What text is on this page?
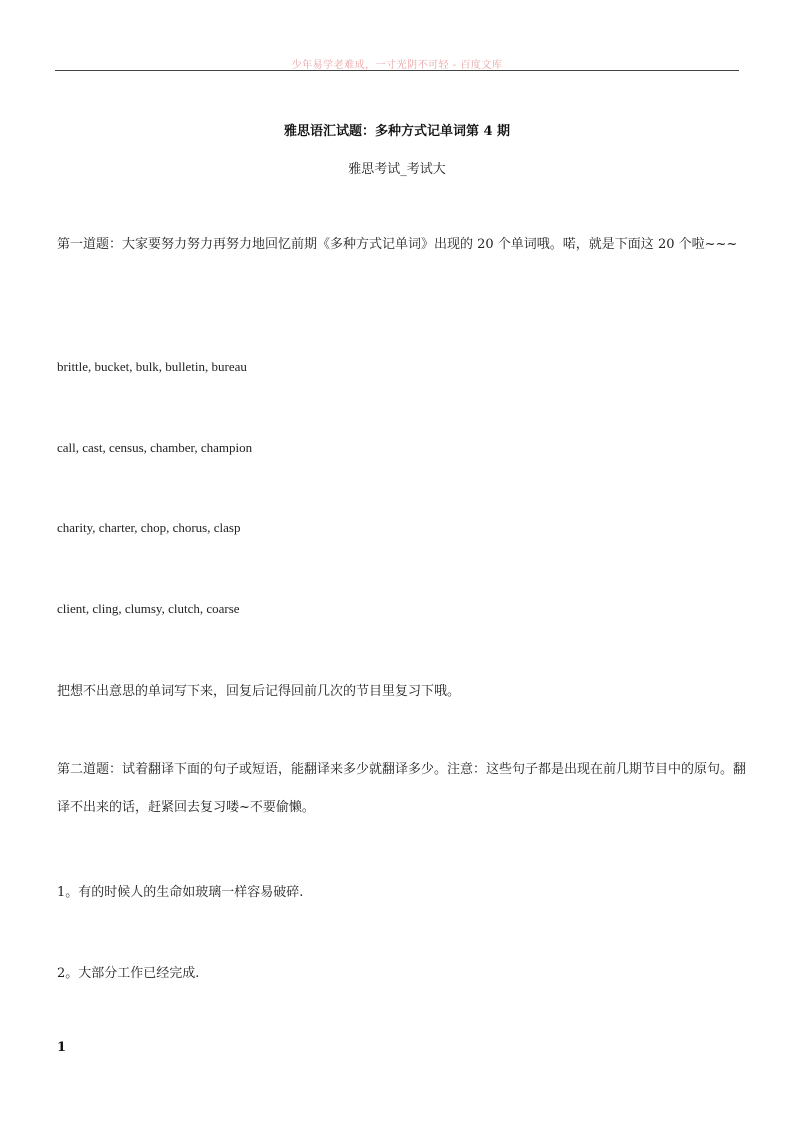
少年易学老难成，一寸光阴不可轻 - 百度文库
雅思语汇试题：多种方式记单词第 4 期
雅思考试_考试大

第一道题：大家要努力努力再努力地回忆前期《多种方式记单词》出现的 20 个单词哦。喏，就是下面这 20 个啦~~~

brittle, bucket, bulk, bulletin, bureau

call, cast, census, chamber, champion

charity, charter, chop, chorus, clasp

client, cling, clumsy, clutch, coarse

把想不出意思的单词写下来，回复后记得回前几次的节目里复习下哦。

第二道题：试着翻译下面的句子或短语，能翻译来多少就翻译多少。注意：这些句子都是出现在前几期节目中的原句。翻译不出来的话，赶紧回去复习喽~不要偷懒。

1。有的时候人的生命如玻璃一样容易破碎.

2。大部分工作已经完成.

1
